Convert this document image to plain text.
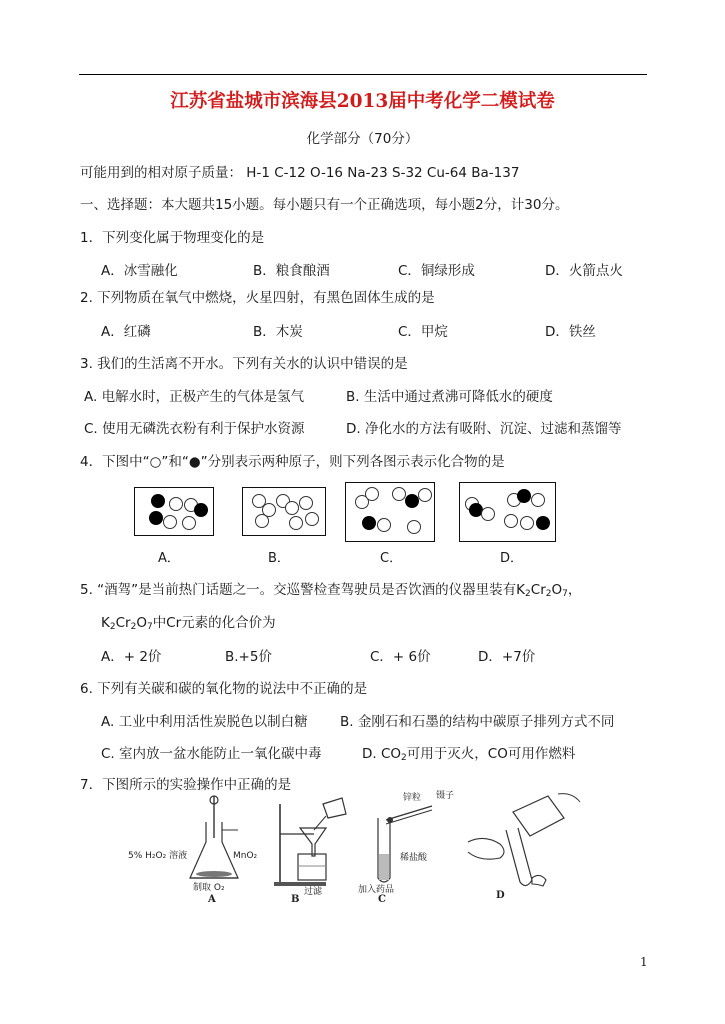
江苏省盐城市滨海县2013届中考化学二模试卷
化学部分（70分）
可能用到的相对原子质量： H-1 C-12 O-16 Na-23 S-32 Cu-64 Ba-137
一、选择题：本大题共15小题。每小题只有一个正确选项，每小题2分，计30分。
1．下列变化属于物理变化的是
A．冰雪融化	B．粮食酿酒	C．铜绿形成	D．火箭点火
2. 下列物质在氧气中燃烧，火星四射，有黑色固体生成的是
A．红磷	B．木炭	C．甲烷	D．铁丝
3. 我们的生活离不开水。下列有关水的认识中错误的是
A. 电解水时，正极产生的气体是氢气	B. 生活中通过煮沸可降低水的硬度
C. 使用无磷洗衣粉有利于保护水资源	D. 净化水的方法有吸附、沉淀、过滤和蒸馏等
4．下图中“○”和“●”分别表示两种原子，则下列各图示表示化合物的是
A．	B．	C．	D．
5. “酒驾”是当前热门话题之一。交巡警检查驾驶员是否饮酒的仪器里装有$K_2Cr_2O_7$，
$K_2Cr_2O_7$中Cr元素的化合价为
A．+ 2价	B.+5价	C．+ 6价	D．+7价
6. 下列有关碳和碳的氧化物的说法中不正确的是
A. 工业中利用活性炭脱色以制白糖 B. 金刚石和石墨的结构中碳原子排列方式不同
C. 室内放一盆水能防止一氧化碳中毒	D. $CO_2$可用于灭火，CO可用作燃料
7．下图所示的实验操作中正确的是
5% H₂O₂ 溶液	MnO₂
制取 O₂
A
过滤
B
锌粒 镊子
稀盐酸
加入药品
C	D
1
